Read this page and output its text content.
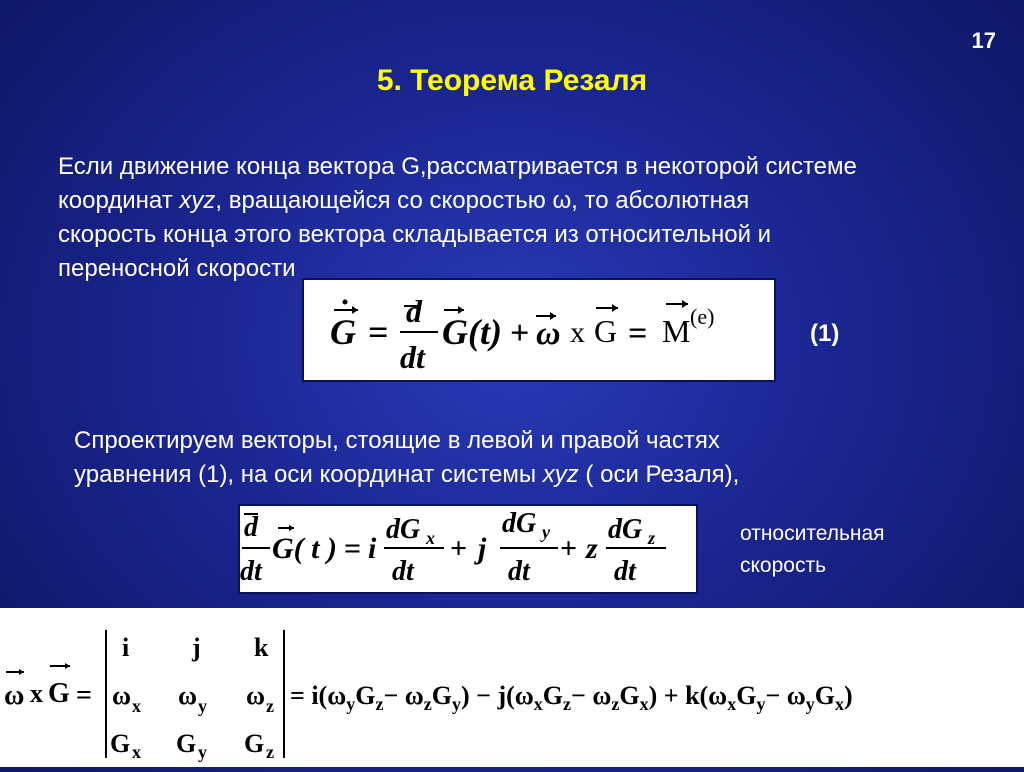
17
5. Теорема Резаля
Если движение конца вектора G,рассматривается в некоторой системе
координат xyz, вращающейся со скоростью ω, то абсолютная
скорость конца этого вектора складывается из относительной и
переносной скорости
G =
d
dt
G(t) + ω x G = M (e)
(1)
Спроектируем векторы, стоящие в левой и правой частях
уравнения (1), на оси координат системы xyz ( оси Резаля),
d
dt
G( t ) = i
dG x
dt
+ j
dG y
dt
+ z
dG z
dt
относительная
скорость
ω x G =
i j k
ω x ω y ω z
G x G y G z
= $i(\omega_yG_z- \omega_zG_y) - j(\omega_xG_z- \omega_zG_x) + k(\omega_xG_y- \omega_yG_x)$
